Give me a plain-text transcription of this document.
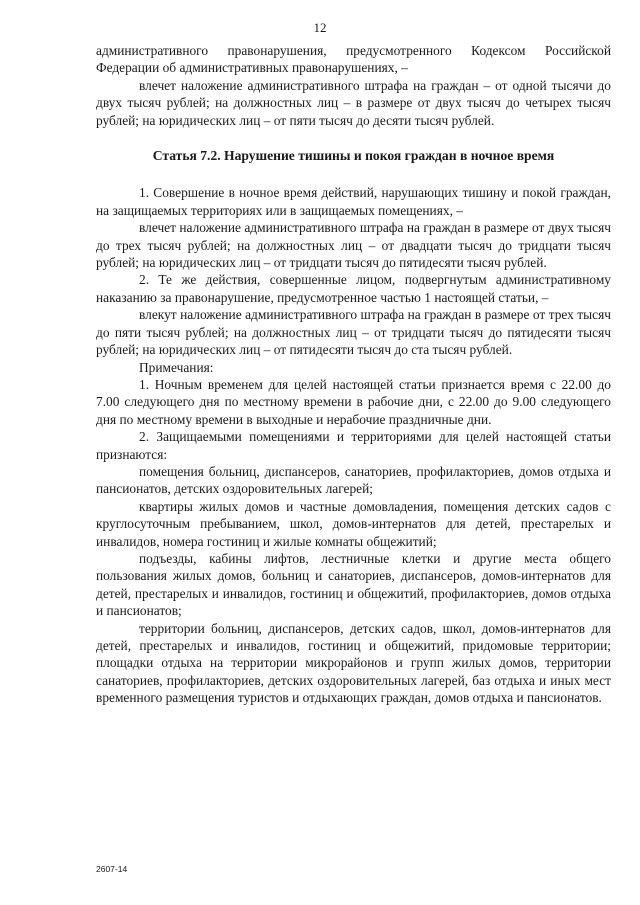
12

административного правонарушения, предусмотренного Кодексом Российской Федерации об административных правонарушениях, –

влечет наложение административного штрафа на граждан – от одной тысячи до двух тысяч рублей; на должностных лиц – в размере от двух тысяч до четырех тысяч рублей; на юридических лиц – от пяти тысяч до десяти тысяч рублей.

Статья 7.2. Нарушение тишины и покоя граждан в ночное время

1. Совершение в ночное время действий, нарушающих тишину и покой граждан, на защищаемых территориях или в защищаемых помещениях, –

влечет наложение административного штрафа на граждан в размере от двух тысяч до трех тысяч рублей; на должностных лиц – от двадцати тысяч до тридцати тысяч рублей; на юридических лиц – от тридцати тысяч до пятидесяти тысяч рублей.

2. Те же действия, совершенные лицом, подвергнутым административному наказанию за правонарушение, предусмотренное частью 1 настоящей статьи, –

влекут наложение административного штрафа на граждан в размере от трех тысяч до пяти тысяч рублей; на должностных лиц – от тридцати тысяч до пятидесяти тысяч рублей; на юридических лиц – от пятидесяти тысяч до ста тысяч рублей.

Примечания:

1. Ночным временем для целей настоящей статьи признается время с 22.00 до 7.00 следующего дня по местному времени в рабочие дни, с 22.00 до 9.00 следующего дня по местному времени в выходные и нерабочие праздничные дни.

2. Защищаемыми помещениями и территориями для целей настоящей статьи признаются:

помещения больниц, диспансеров, санаториев, профилакториев, домов отдыха и пансионатов, детских оздоровительных лагерей;

квартиры жилых домов и частные домовладения, помещения детских садов с круглосуточным пребыванием, школ, домов-интернатов для детей, престарелых и инвалидов, номера гостиниц и жилые комнаты общежитий;

подъезды, кабины лифтов, лестничные клетки и другие места общего пользования жилых домов, больниц и санаториев, диспансеров, домов-интернатов для детей, престарелых и инвалидов, гостиниц и общежитий, профилакториев, домов отдыха и пансионатов;

территории больниц, диспансеров, детских садов, школ, домов-интернатов для детей, престарелых и инвалидов, гостиниц и общежитий, придомовые территории; площадки отдыха на территории микрорайонов и групп жилых домов, территории санаториев, профилакториев, детских оздоровительных лагерей, баз отдыха и иных мест временного размещения туристов и отдыхающих граждан, домов отдыха и пансионатов.

2607-14
